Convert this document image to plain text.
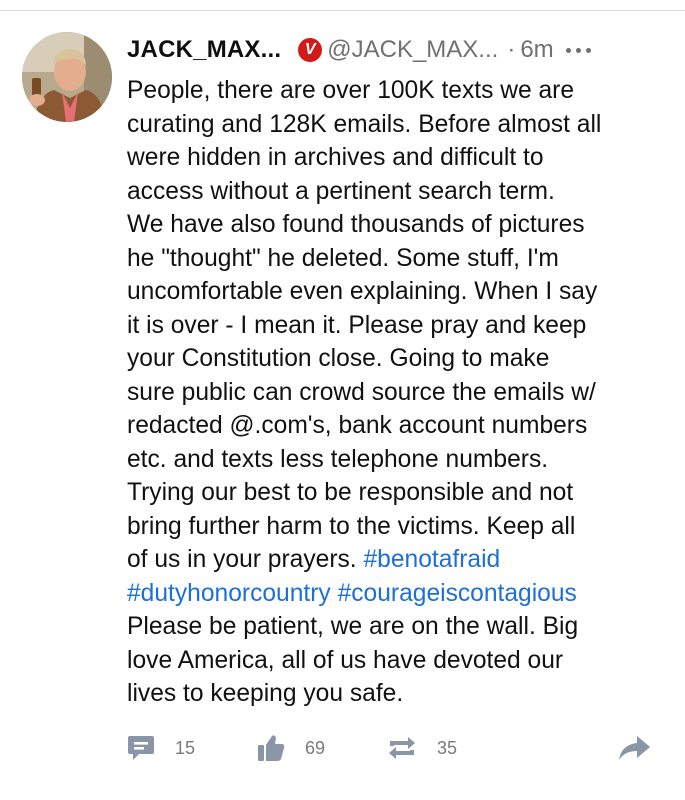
JACK_MAX... V @JACK_MAX... · 6m
People, there are over 100K texts we are
curating and 128K emails. Before almost all
were hidden in archives and difficult to
access without a pertinent search term.
We have also found thousands of pictures
he "thought" he deleted. Some stuff, I'm
uncomfortable even explaining. When I say
it is over - I mean it. Please pray and keep
your Constitution close. Going to make
sure public can crowd source the emails w/
redacted @.com's, bank account numbers
etc. and texts less telephone numbers.
Trying our best to be responsible and not
bring further harm to the victims. Keep all
of us in your prayers. #benotafraid
#dutyhonorcountry #courageiscontagious
Please be patient, we are on the wall. Big
love America, all of us have devoted our
lives to keeping you safe.
15	69	35
